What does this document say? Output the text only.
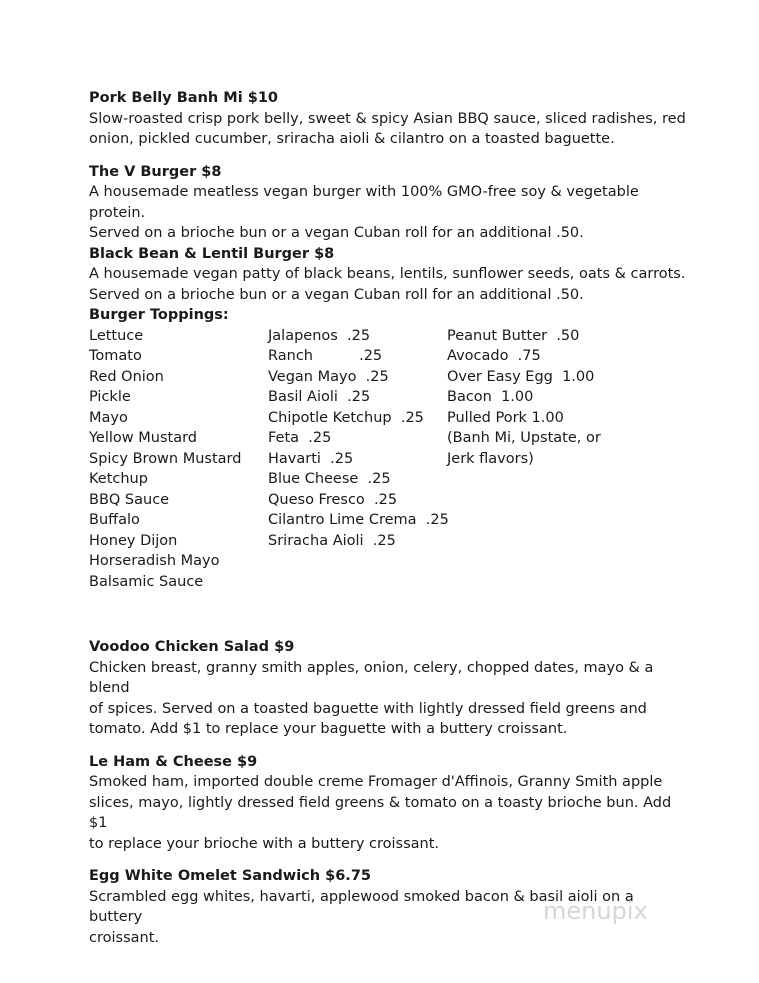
Pork Belly Banh Mi $10
Slow-roasted crisp pork belly, sweet & spicy Asian BBQ sauce, sliced radishes, red
onion, pickled cucumber, sriracha aioli & cilantro on a toasted baguette.
The V Burger $8
A housemade meatless vegan burger with 100% GMO-free soy & vegetable protein.
Served on a brioche bun or a vegan Cuban roll for an additional .50.
Black Bean & Lentil Burger $8
A housemade vegan patty of black beans, lentils, sunflower seeds, oats & carrots.
Served on a brioche bun or a vegan Cuban roll for an additional .50.
Burger Toppings:
Lettuce
Tomato
Red Onion
Pickle
Mayo
Yellow Mustard
Spicy Brown Mustard
Ketchup
BBQ Sauce
Buffalo
Honey Dijon
Horseradish Mayo
Balsamic Sauce
Jalapenos  .25
Ranch          .25
Vegan Mayo  .25
Basil Aioli  .25
Chipotle Ketchup  .25
Feta  .25
Havarti  .25
Blue Cheese  .25
Queso Fresco  .25
Cilantro Lime Crema  .25
Sriracha Aioli  .25
Peanut Butter  .50
Avocado  .75
Over Easy Egg  1.00
Bacon  1.00
Pulled Pork 1.00
(Banh Mi, Upstate, or
Jerk flavors)
Voodoo Chicken Salad $9
Chicken breast, granny smith apples, onion, celery, chopped dates, mayo & a blend
of spices. Served on a toasted baguette with lightly dressed field greens and
tomato. Add $1 to replace your baguette with a buttery croissant.
Le Ham & Cheese $9
Smoked ham, imported double creme Fromager d'Affinois, Granny Smith apple
slices, mayo, lightly dressed field greens & tomato on a toasty brioche bun. Add $1
to replace your brioche with a buttery croissant.
Egg White Omelet Sandwich $6.75
Scrambled egg whites, havarti, applewood smoked bacon & basil aioli on a buttery
croissant.
menupix
